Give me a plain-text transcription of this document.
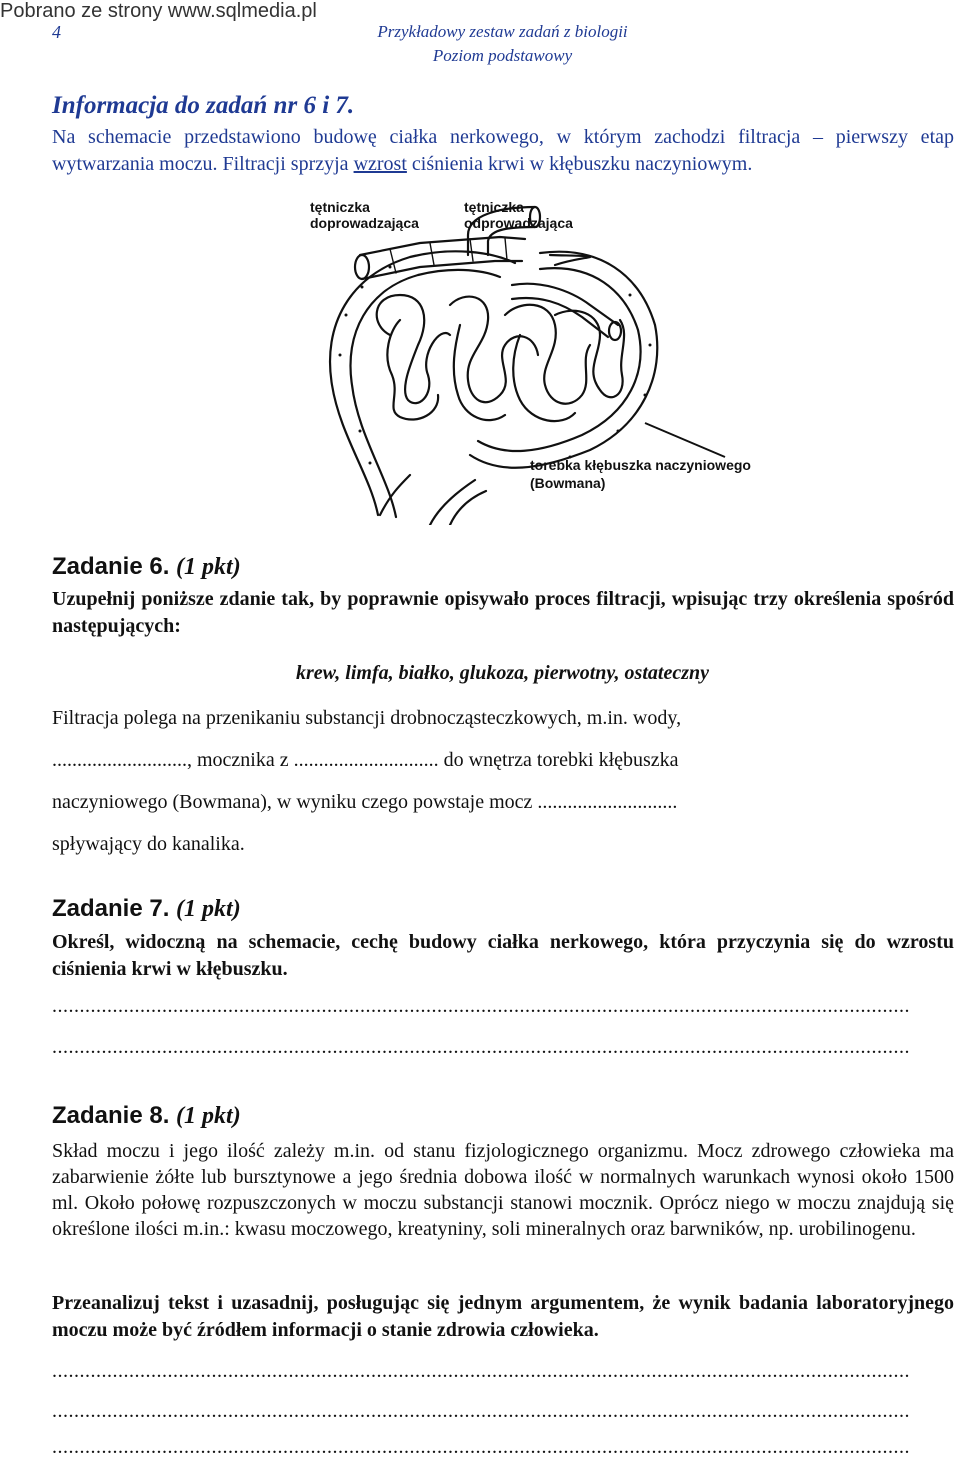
Pobrano ze strony www.sqlmedia.pl
4	Przykładowy zestaw zadań z biologii
Poziom podstawowy
Informacja do zadań nr 6 i 7.
Na schemacie przedstawiono budowę ciałka nerkowego, w którym zachodzi filtracja – pierwszy etap wytwarzania moczu. Filtracji sprzyja wzrost ciśnienia krwi w kłębuszku naczyniowym.
tętniczka
doprowadzająca
tętniczka
odprowadzająca
torebka kłębuszka naczyniowego
(Bowmana)
Zadanie 6. (1 pkt)
Uzupełnij poniższe zdanie tak, by poprawnie opisywało proces filtracji, wpisując trzy określenia spośród następujących:
krew, limfa, białko, glukoza, pierwotny, ostateczny
Filtracja polega na przenikaniu substancji drobnocząsteczkowych, m.in. wody,
..........................., mocznika z ............................. do wnętrza torebki kłębuszka
naczyniowego (Bowmana), w wyniku czego powstaje mocz ............................
spływający do kanalika.
Zadanie 7. (1 pkt)
Określ, widoczną na schemacie, cechę budowy ciałka nerkowego, która przyczynia się do wzrostu ciśnienia krwi w kłębuszku.
............................................................................................................................................................
............................................................................................................................................................
Zadanie 8. (1 pkt)
Skład moczu i jego ilość zależy m.in. od stanu fizjologicznego organizmu. Mocz zdrowego człowieka ma zabarwienie żółte lub bursztynowe a jego średnia dobowa ilość w normalnych warunkach wynosi około 1500 ml. Około połowę rozpuszczonych w moczu substancji stanowi mocznik. Oprócz niego w moczu znajdują się określone ilości m.in.: kwasu moczowego, kreatyniny, soli mineralnych oraz barwników, np. urobilinogenu.
Przeanalizuj tekst i uzasadnij, posługując się jednym argumentem, że wynik badania laboratoryjnego moczu może być źródłem informacji o stanie zdrowia człowieka.
............................................................................................................................................................
............................................................................................................................................................
............................................................................................................................................................
